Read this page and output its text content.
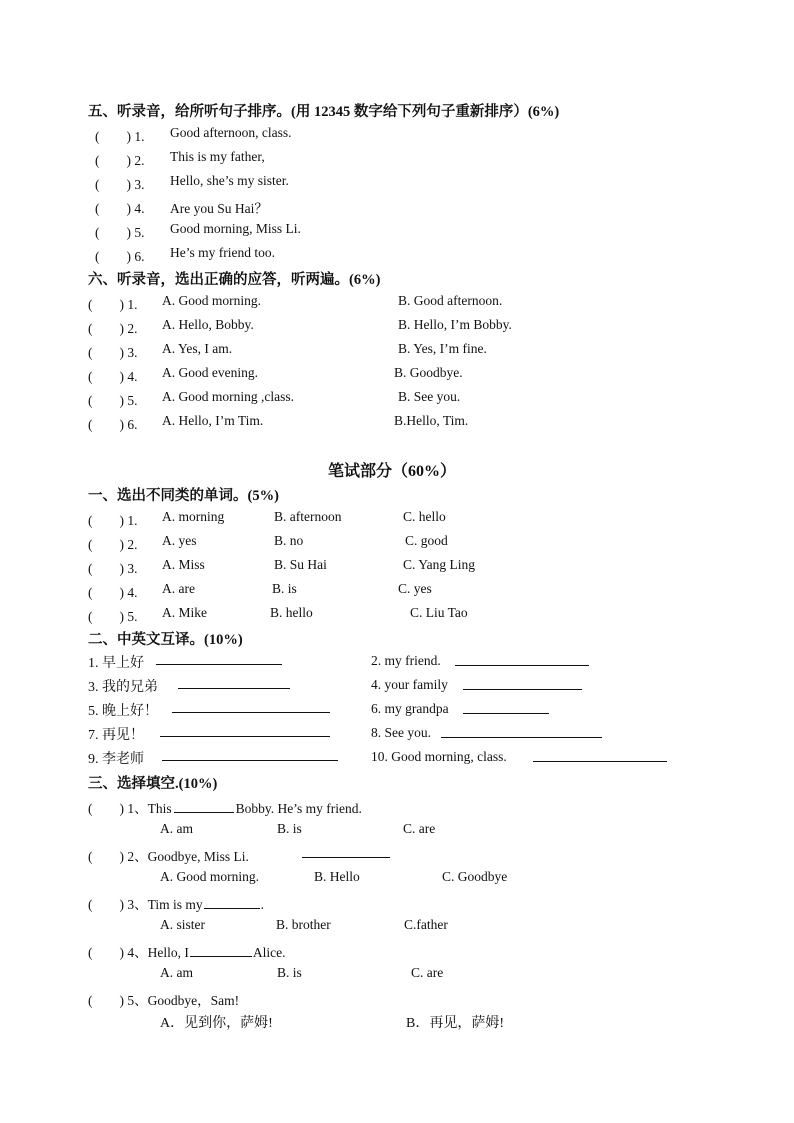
五、听录音，给所听句子排序。(用 12345 数字给下列句子重新排序）(6%)
(　　) 1. Good afternoon, class.
(　　) 2. This is my father,
(　　) 3. Hello, she’s my sister.
(　　) 4. Are you Su Hai？
(　　) 5. Good morning, Miss Li.
(　　) 6. He’s my friend too.
六、听录音，选出正确的应答，听两遍。(6%)
(　　) 1. A. Good morning.	B. Good afternoon.
(　　) 2. A. Hello, Bobby.	B. Hello, I’m Bobby.
(　　) 3. A. Yes, I am.	B. Yes, I’m fine.
(　　) 4. A. Good evening.	B. Goodbye.
(　　) 5. A. Good morning ,class.	B. See you.
(　　) 6. A. Hello, I’m Tim.	B.Hello, Tim.
笔试部分（60%）
一、选出不同类的单词。(5%)
(　　) 1. A. morning	B. afternoon	C. hello
(　　) 2. A. yes	B. no	C. good
(　　) 3. A. Miss	B. Su Hai	C. Yang Ling
(　　) 4. A. are	B. is	C. yes
(　　) 5. A. Mike	B. hello	C. Liu Tao
二、中英文互译。(10%)
1. 早上好	2. my friend.
3. 我的兄弟	4. your family
5. 晚上好！	6. my grandpa
7. 再见！	8. See you.
9. 李老师	10. Good morning, class.
三、选择填空.(10%)
(　　) 1、This	Bobby. He’s my friend.
A. am	B. is	C. are
(　　) 2、Goodbye, Miss Li.
A. Good morning.	B. Hello	C. Goodbye
(　　) 3、Tim is my	.
A. sister	B. brother	C.father
(　　) 4、Hello, I	Alice.
A. am	B. is	C. are
(　　) 5、Goodbye，Sam!
A．见到你，萨姆!	B．再见，萨姆!
